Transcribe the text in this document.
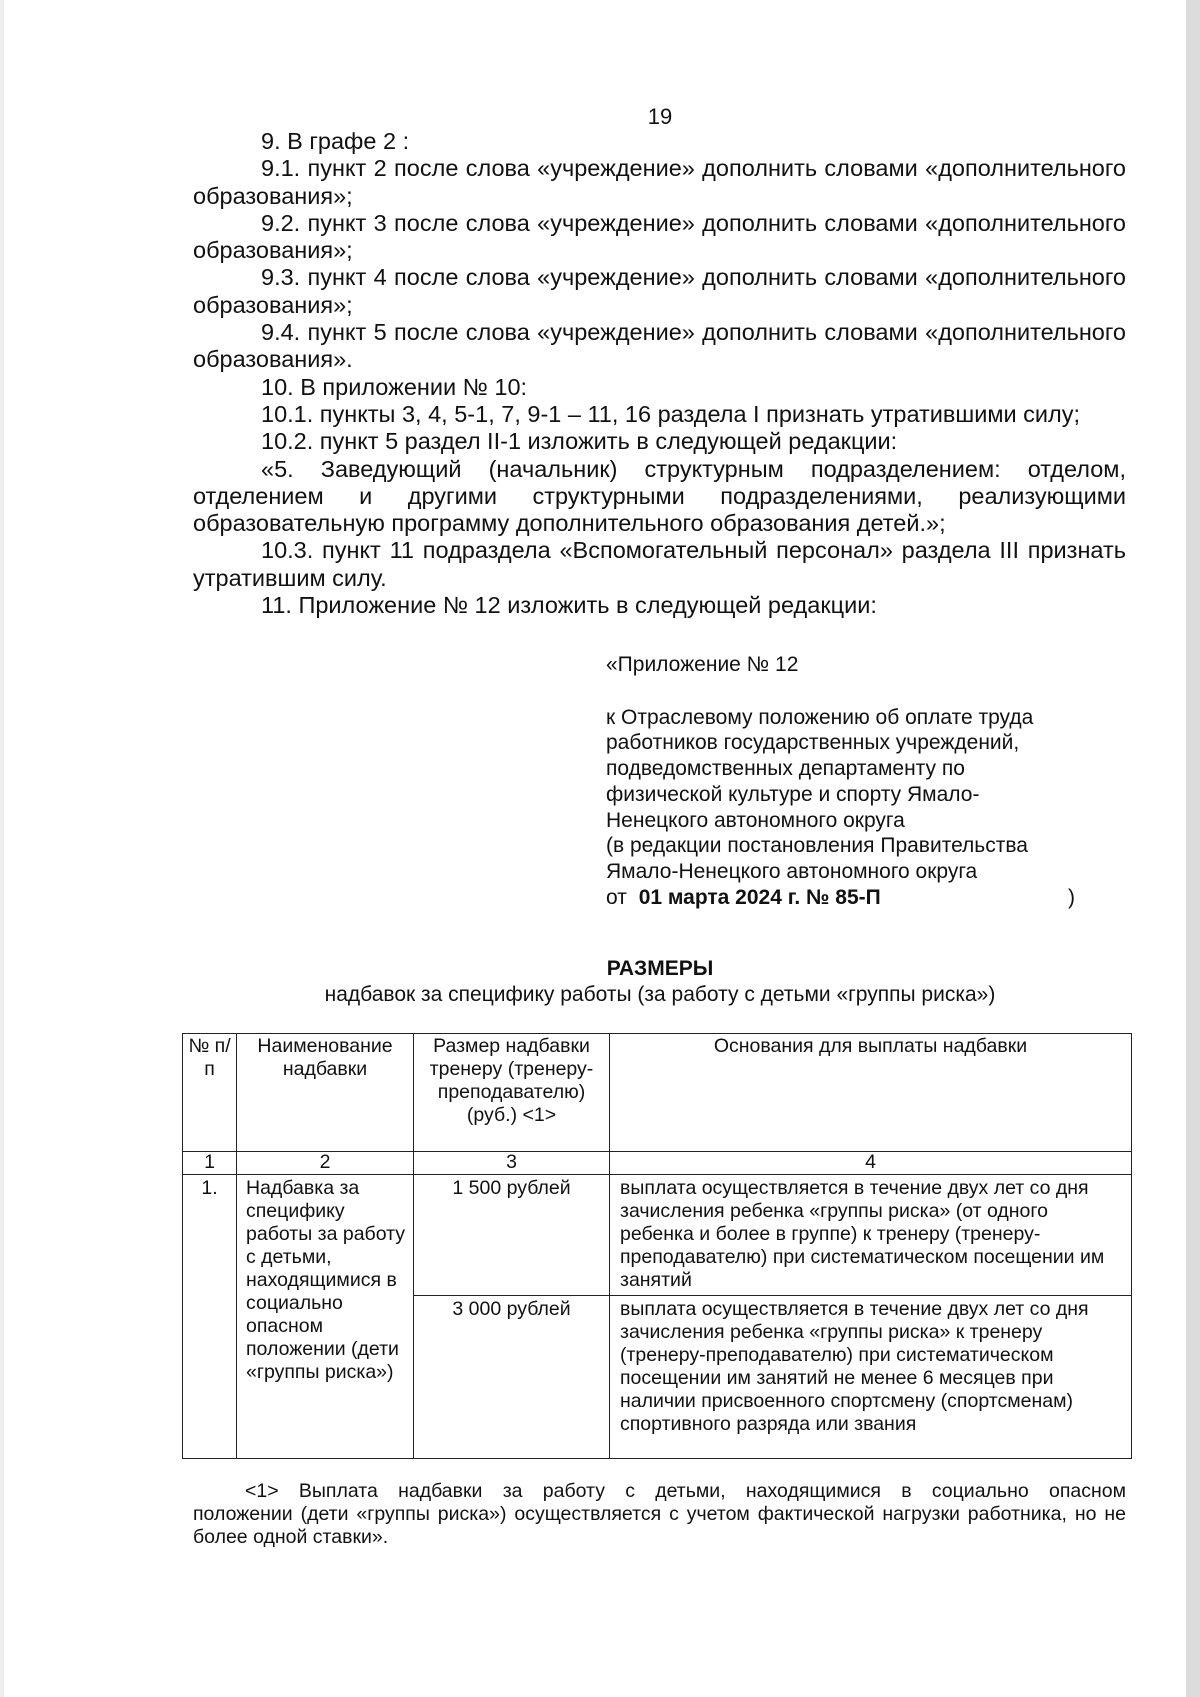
19

9. В графе 2 :

9.1. пункт 2 после слова «учреждение» дополнить словами «дополнительного образования»;

9.2. пункт 3 после слова «учреждение» дополнить словами «дополнительного образования»;

9.3. пункт 4 после слова «учреждение» дополнить словами «дополнительного образования»;

9.4. пункт 5 после слова «учреждение» дополнить словами «дополнительного образования».

10. В приложении № 10:

10.1. пункты 3, 4, 5-1, 7, 9-1 – 11, 16 раздела I признать утратившими силу;

10.2. пункт 5 раздел II-1 изложить в следующей редакции:

«5. Заведующий (начальник) структурным подразделением: отделом, отделением и другими структурными подразделениями, реализующими образовательную программу дополнительного образования детей.»;

10.3. пункт 11 подраздела «Вспомогательный персонал» раздела III признать утратившим силу.

11. Приложение № 12 изложить в следующей редакции:

«Приложение № 12

к Отраслевому положению об оплате труда
работников государственных учреждений,
подведомственных департаменту по
физической культуре и спорту Ямало-
Ненецкого автономного округа
(в редакции постановления Правительства
Ямало-Ненецкого автономного округа
от 01 марта 2024 г. № 85-П	)
РАЗМЕРЫ
надбавок за специфику работы (за работу с детьми «группы риска»)
№ п/п	Наименование надбавки	Размер надбавки тренеру (тренеру-преподавателю) (руб.) <1>	Основания для выплаты надбавки
1	2	3	4
1.	Надбавка за специфику работы за работу с детьми, находящимися в социально опасном положении (дети «группы риска»)	1 500 рублей	выплата осуществляется в течение двух лет со дня зачисления ребенка «группы риска» (от одного ребенка и более в группе) к тренеру (тренеру-преподавателю) при систематическом посещении им занятий
		3 000 рублей	выплата осуществляется в течение двух лет со дня зачисления ребенка «группы риска» к тренеру (тренеру-преподавателю) при систематическом посещении им занятий не менее 6 месяцев при наличии присвоенного спортсмену (спортсменам) спортивного разряда или звания

<1> Выплата надбавки за работу с детьми, находящимися в социально опасном
положении (дети «группы риска») осуществляется с учетом фактической нагрузки работника, но не более одной ставки».
